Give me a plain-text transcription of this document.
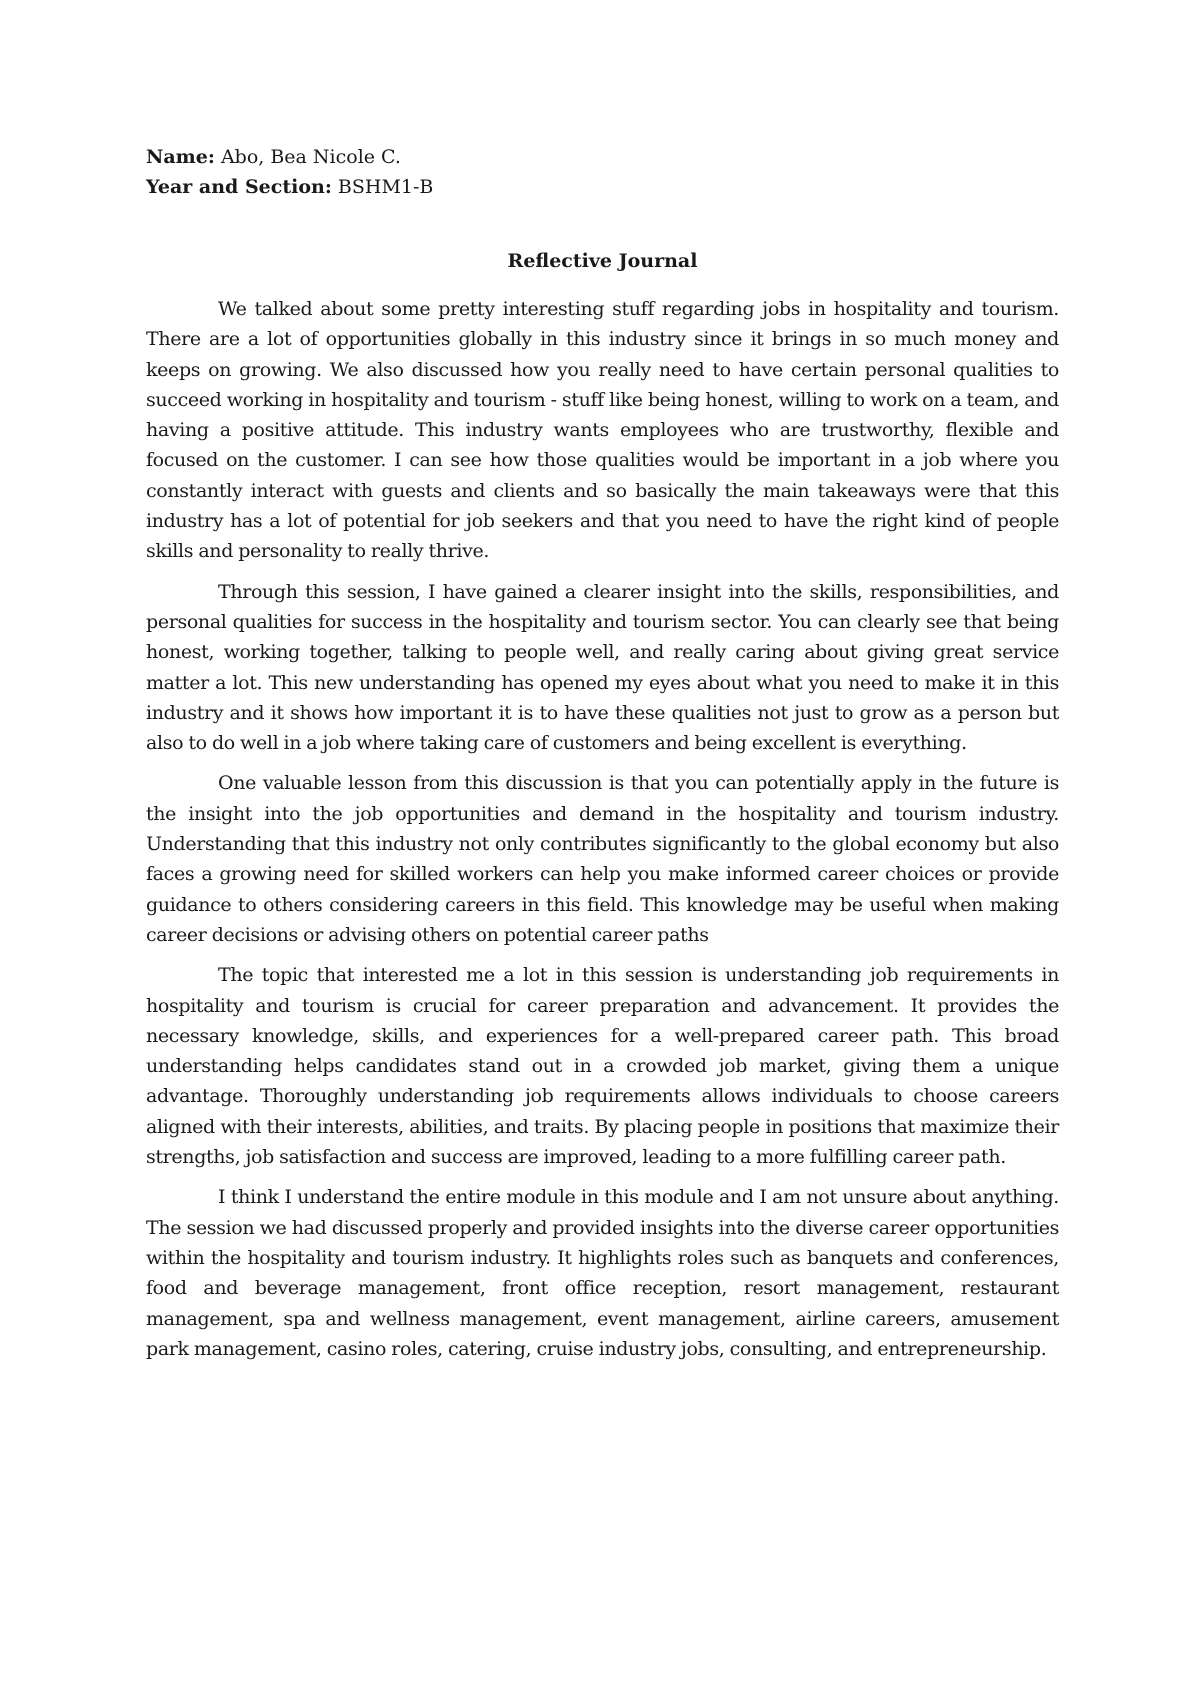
Name: Abo, Bea Nicole C.

Year and Section: BSHM1-B

Reflective Journal

We talked about some pretty interesting stuff regarding jobs in hospitality and tourism. There are a lot of opportunities globally in this industry since it brings in so much money and keeps on growing. We also discussed how you really need to have certain personal qualities to succeed working in hospitality and tourism - stuff like being honest, willing to work on a team, and having a positive attitude. This industry wants employees who are trustworthy, flexible and focused on the customer. I can see how those qualities would be important in a job where you constantly interact with guests and clients and so basically the main takeaways were that this industry has a lot of potential for job seekers and that you need to have the right kind of people skills and personality to really thrive.

Through this session, I have gained a clearer insight into the skills, responsibilities, and personal qualities for success in the hospitality and tourism sector. You can clearly see that being honest, working together, talking to people well, and really caring about giving great service matter a lot. This new understanding has opened my eyes about what you need to make it in this industry and it shows how important it is to have these qualities not just to grow as a person but also to do well in a job where taking care of customers and being excellent is everything.

One valuable lesson from this discussion is that you can potentially apply in the future is the insight into the job opportunities and demand in the hospitality and tourism industry. Understanding that this industry not only contributes significantly to the global economy but also faces a growing need for skilled workers can help you make informed career choices or provide guidance to others considering careers in this field. This knowledge may be useful when making career decisions or advising others on potential career paths

The topic that interested me a lot in this session is understanding job requirements in hospitality and tourism is crucial for career preparation and advancement. It provides the necessary knowledge, skills, and experiences for a well-prepared career path. This broad understanding helps candidates stand out in a crowded job market, giving them a unique advantage. Thoroughly understanding job requirements allows individuals to choose careers aligned with their interests, abilities, and traits. By placing people in positions that maximize their strengths, job satisfaction and success are improved, leading to a more fulfilling career path.

I think I understand the entire module in this module and I am not unsure about anything. The session we had discussed properly and provided insights into the diverse career opportunities within the hospitality and tourism industry. It highlights roles such as banquets and conferences, food and beverage management, front office reception, resort management, restaurant management, spa and wellness management, event management, airline careers, amusement park management, casino roles, catering, cruise industry jobs, consulting, and entrepreneurship.
